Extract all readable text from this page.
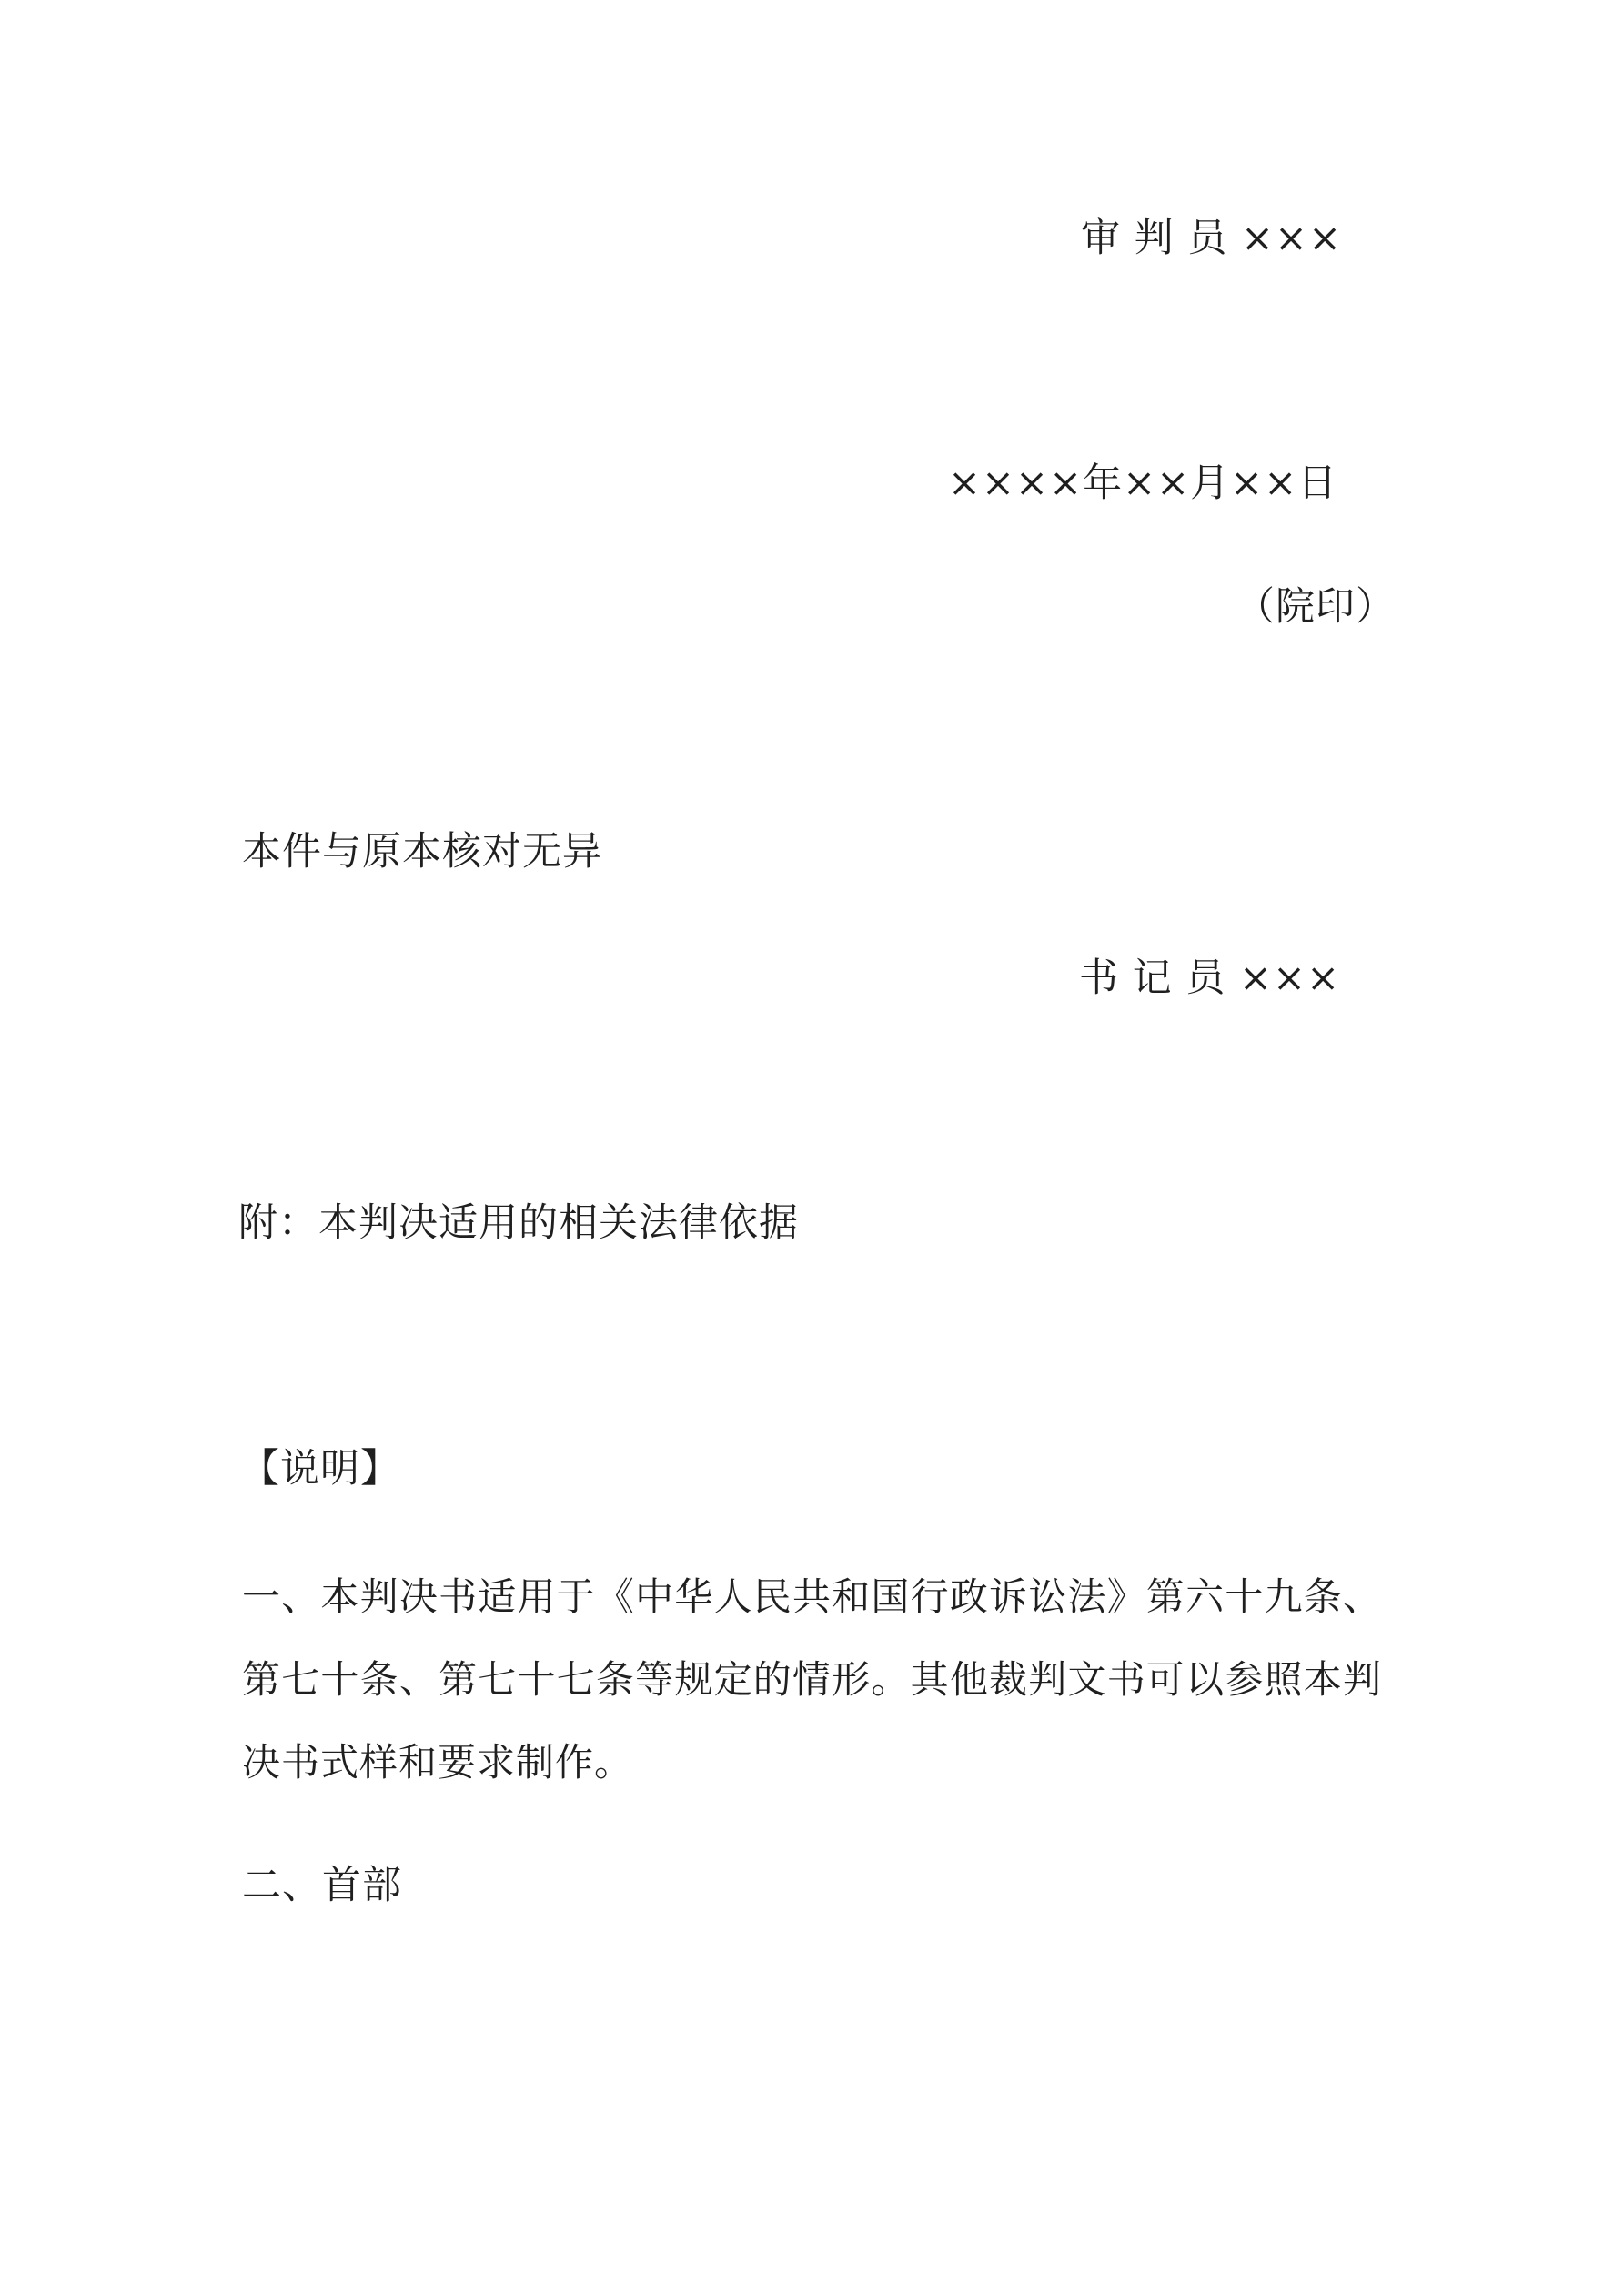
审 判 员 ×××
××××年××月××日
（院印）
本件与原本核对无异
书 记 员 ×××
附：本判决适用的相关法律依据
【说明】
一、本判决书适用于《中华人民共和国行政诉讼法》第六十九条、第七十条、第七十七条等规定的情形。其他裁判文书可以参照本判决书式样和要求制作。
二、首部
